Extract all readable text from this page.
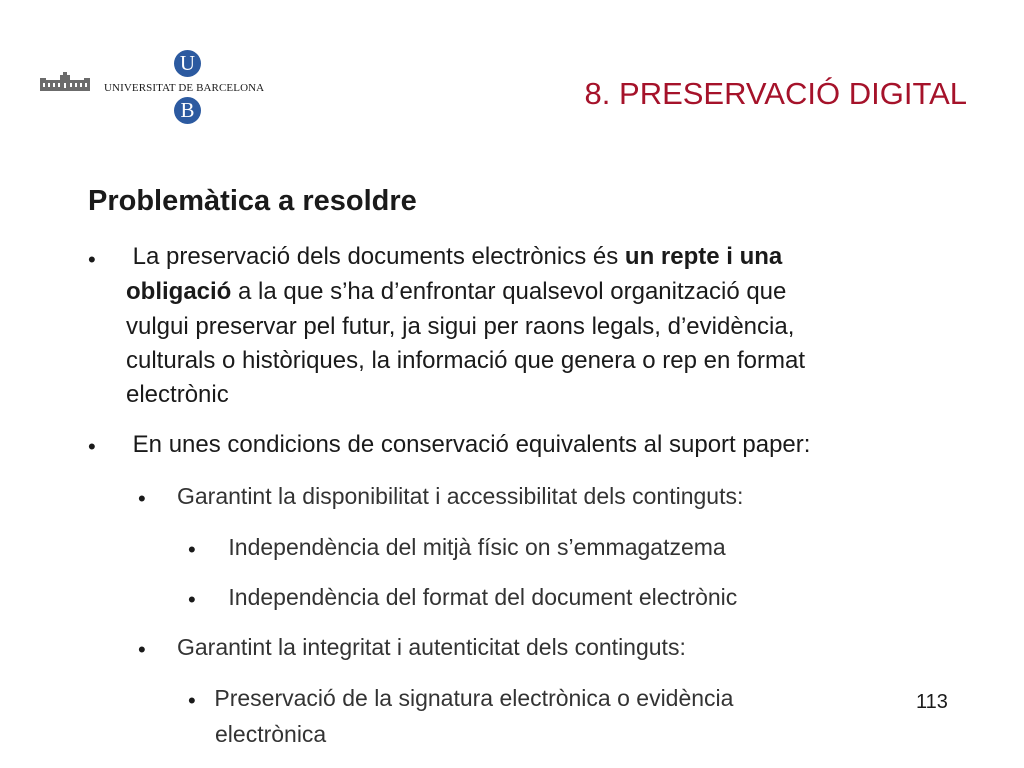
U
UNIVERSITAT DE BARCELONA
B	8. PRESERVACIÓ DIGITAL
Problemàtica a resoldre
• La preservació dels documents electrònics és un repte i una
obligació a la que s’ha d’enfrontar qualsevol organització que
vulgui preservar pel futur, ja sigui per raons legals, d’evidència,
culturals o històriques, la informació que genera o rep en format
electrònic
• En unes condicions de conservació equivalents al suport paper:
• Garantint la disponibilitat i accessibilitat dels continguts:
• Independència del mitjà físic on s’emmagatzema
• Independència del format del document electrònic
• Garantint la integritat i autenticitat dels continguts:
• Preservació de la signatura electrònica o evidència
electrònica
113
